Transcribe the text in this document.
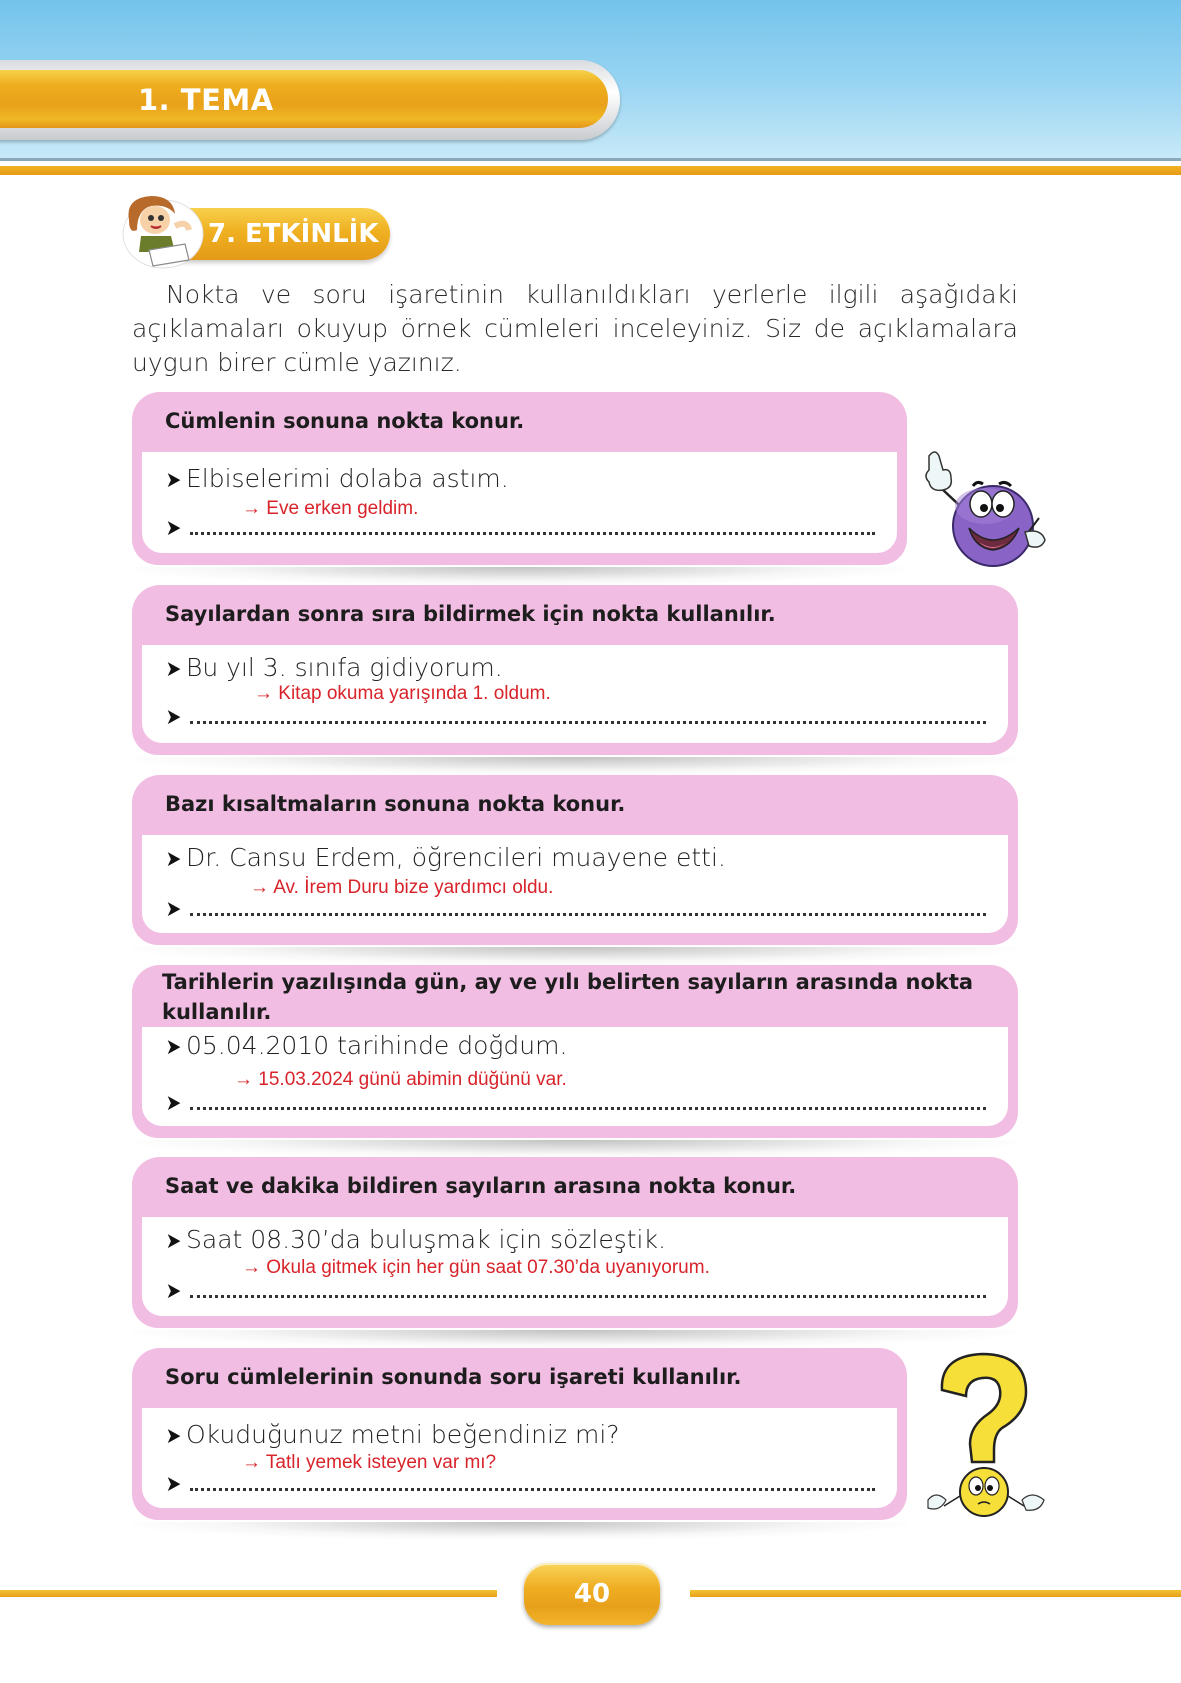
1. TEMA
7. ETKİNLİK
Nokta ve soru işaretinin kullanıldıkları yerlerle ilgili aşağıdaki açıklamaları okuyup örnek cümleleri inceleyiniz. Siz de açıklamalara uygun birer cümle yazınız.
Cümlenin sonuna nokta konur.
➤ Elbiselerimi dolaba astım.
→ Eve erken geldim.
➤
Sayılardan sonra sıra bildirmek için nokta kullanılır.
➤ Bu yıl 3. sınıfa gidiyorum.
→ Kitap okuma yarışında 1. oldum.
➤
Bazı kısaltmaların sonuna nokta konur.
➤ Dr. Cansu Erdem, öğrencileri muayene etti.
→ Av. İrem Duru bize yardımcı oldu.
➤
Tarihlerin yazılışında gün, ay ve yılı belirten sayıların arasında nokta kullanılır.
➤ 05.04.2010 tarihinde doğdum.
→ 15.03.2024 günü abimin düğünü var.
➤
Saat ve dakika bildiren sayıların arasına nokta konur.
➤ Saat 08.30’da buluşmak için sözleştik.
→ Okula gitmek için her gün saat 07.30’da uyanıyorum.
➤
Soru cümlelerinin sonunda soru işareti kullanılır.
➤ Okuduğunuz metni beğendiniz mi?
→ Tatlı yemek isteyen var mı?
➤
40
